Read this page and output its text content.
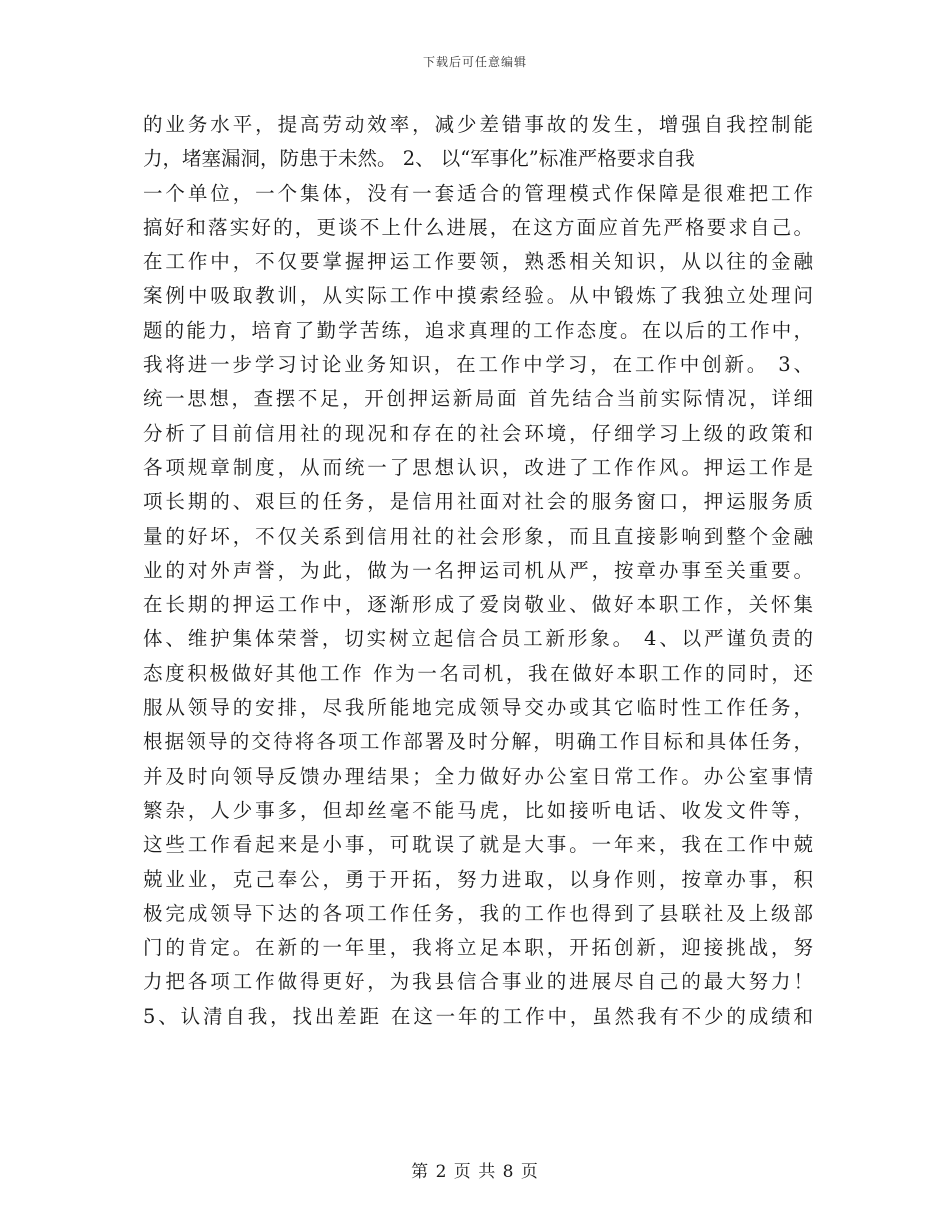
下载后可任意编辑
的业务水平，提高劳动效率，减少差错事故的发生，增强自我控制能
力，堵塞漏洞，防患于未然。 2、 以“军事化”标准严格要求自我
一个单位，一个集体，没有一套适合的管理模式作保障是很难把工作
搞好和落实好的，更谈不上什么进展，在这方面应首先严格要求自己。
在工作中，不仅要掌握押运工作要领，熟悉相关知识，从以往的金融
案例中吸取教训，从实际工作中摸索经验。从中锻炼了我独立处理问
题的能力，培育了勤学苦练，追求真理的工作态度。在以后的工作中，
我将进一步学习讨论业务知识，在工作中学习，在工作中创新。 3、
统一思想，查摆不足，开创押运新局面 首先结合当前实际情况，详细
分析了目前信用社的现况和存在的社会环境，仔细学习上级的政策和
各项规章制度，从而统一了思想认识，改进了工作作风。押运工作是
项长期的、艰巨的任务，是信用社面对社会的服务窗口，押运服务质
量的好坏，不仅关系到信用社的社会形象，而且直接影响到整个金融
业的对外声誉，为此，做为一名押运司机从严，按章办事至关重要。
在长期的押运工作中，逐渐形成了爱岗敬业、做好本职工作，关怀集
体、维护集体荣誉，切实树立起信合员工新形象。 4、以严谨负责的
态度积极做好其他工作 作为一名司机，我在做好本职工作的同时，还
服从领导的安排，尽我所能地完成领导交办或其它临时性工作任务，
根据领导的交待将各项工作部署及时分解，明确工作目标和具体任务，
并及时向领导反馈办理结果；全力做好办公室日常工作。办公室事情
繁杂，人少事多，但却丝毫不能马虎，比如接听电话、收发文件等，
这些工作看起来是小事，可耽误了就是大事。一年来，我在工作中兢
兢业业，克己奉公，勇于开拓，努力进取，以身作则，按章办事，积
极完成领导下达的各项工作任务，我的工作也得到了县联社及上级部
门的肯定。在新的一年里，我将立足本职，开拓创新，迎接挑战，努
力把各项工作做得更好，为我县信合事业的进展尽自己的最大努力！
5、认清自我，找出差距 在这一年的工作中，虽然我有不少的成绩和
第 2 页 共 8 页
